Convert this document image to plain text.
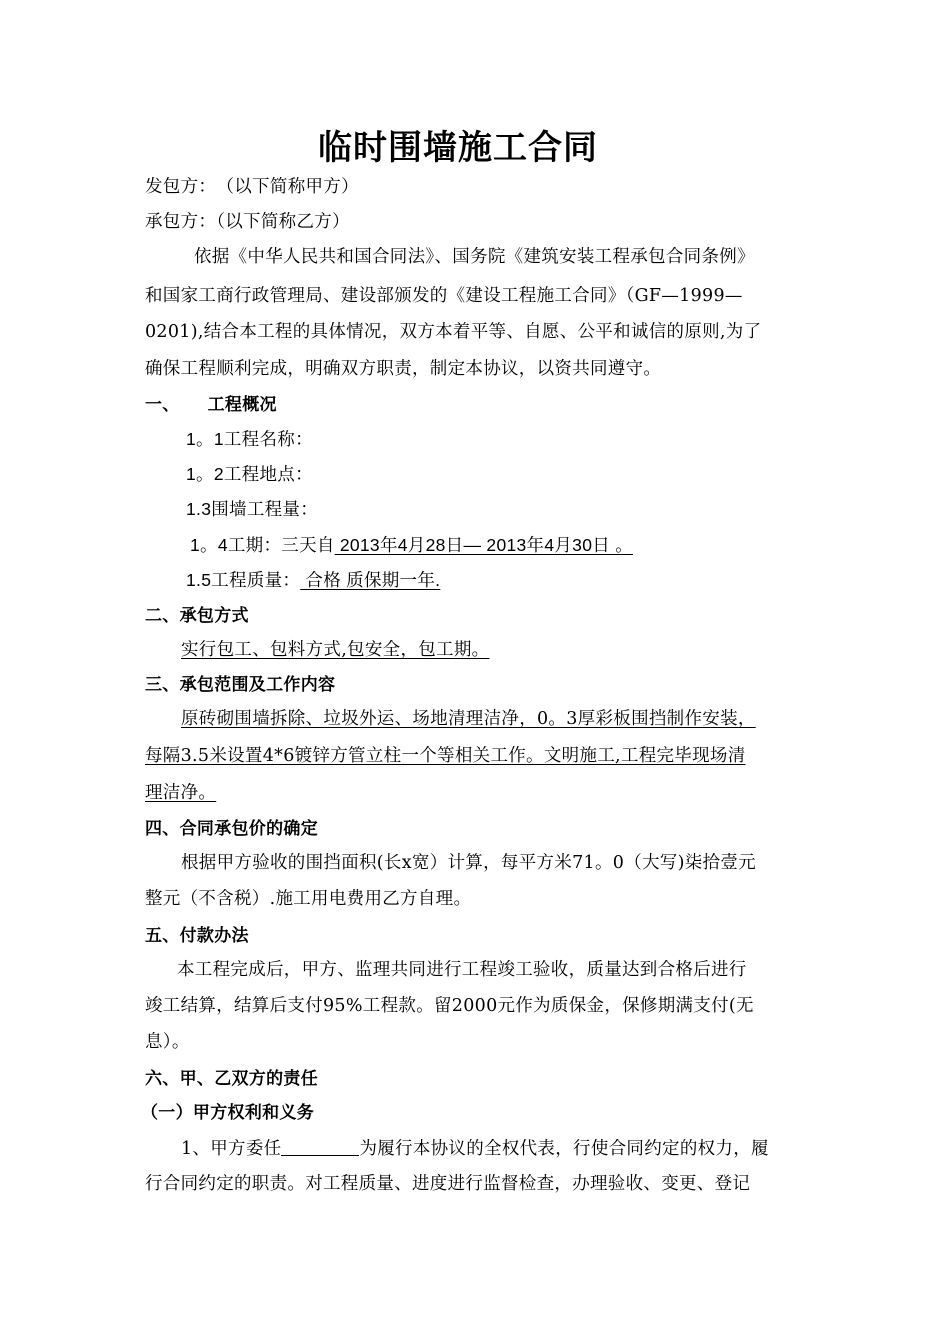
临时围墙施工合同
发包方：　（以下简称甲方）
承包方：（以下简称乙方）
依据《中华人民共和国合同法》、国务院《建筑安装工程承包合同条例》
和国家工商行政管理局、建设部颁发的《建设工程施工合同》（GF—1999—
0201),结合本工程的具体情况，双方本着平等、自愿、公平和诚信的原则,为了
确保工程顺利完成，明确双方职责，制定本协议，以资共同遵守。
一、 工程概况
1。1工程名称：
1。2工程地点：
1.3围墙工程量：
1。4工期：三天自 2013年4月28日— 2013年4月30日 。
1.5工程质量： 合格 质保期一年.
二、承包方式
实行包工、包料方式,包安全，包工期。
三、承包范围及工作内容
原砖砌围墙拆除、垃圾外运、场地清理洁净，0。3厚彩板围挡制作安装，
每隔3.5米设置4*6镀锌方管立柱一个等相关工作。文明施工,工程完毕现场清
理洁净。
四、合同承包价的确定
根据甲方验收的围挡面积(长x宽）计算，每平方米71。0（大写)柒拾壹元
整元（不含税）.施工用电费用乙方自理。
五、付款办法
本工程完成后，甲方、监理共同进行工程竣工验收，质量达到合格后进行
竣工结算，结算后支付95%工程款。留2000元作为质保金，保修期满支付(无
息）。
六、甲、乙双方的责任
（一）甲方权利和义务
1、甲方委任	为履行本协议的全权代表，行使合同约定的权力，履
行合同约定的职责。对工程质量、进度进行监督检查，办理验收、变更、登记
